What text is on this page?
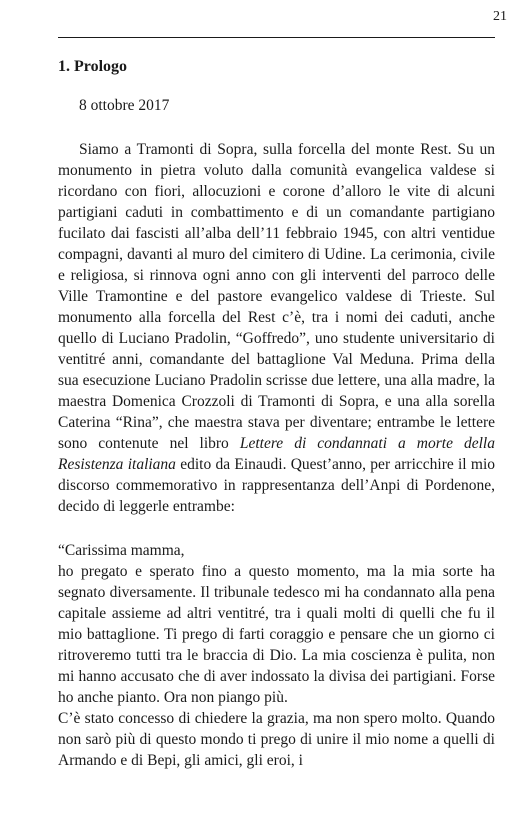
21
1. Prologo

8 ottobre 2017

Siamo a Tramonti di Sopra, sulla forcella del monte Rest. Su un monumento in pietra voluto dalla comunità evangelica valdese si ricordano con fiori, allocuzioni e corone d’alloro le vite di alcuni partigiani caduti in combattimento e di un comandante partigiano fucilato dai fascisti all’alba dell’11 febbraio 1945, con altri ventidue compagni, davanti al muro del cimitero di Udine. La cerimonia, civile e religiosa, si rinnova ogni anno con gli interventi del parroco delle Ville Tramontine e del pastore evangelico valdese di Trieste. Sul monumento alla forcella del Rest c’è, tra i nomi dei caduti, anche quello di Luciano Pradolin, “Goffredo”, uno studente universitario di ventitré anni, comandante del battaglione Val Meduna. Prima della sua esecuzione Luciano Pradolin scrisse due lettere, una alla madre, la maestra Domenica Crozzoli di Tramonti di Sopra, e una alla sorella Caterina “Rina”, che maestra stava per diventare; entrambe le lettere sono contenute nel libro Lettere di condannati a morte della Resistenza italiana edito da Einaudi. Quest’anno, per arricchire il mio discorso commemorativo in rappresentanza dell’Anpi di Pordenone, decido di leggerle entrambe:

“Carissima mamma,

ho pregato e sperato fino a questo momento, ma la mia sorte ha segnato diversamente. Il tribunale tedesco mi ha condannato alla pena capitale assieme ad altri ventitré, tra i quali molti di quelli che fu il mio battaglione. Ti prego di farti coraggio e pensare che un giorno ci ritroveremo tutti tra le braccia di Dio. La mia coscienza è pulita, non mi hanno accusato che di aver indossato la divisa dei partigiani. Forse ho anche pianto. Ora non piango più.

C’è stato concesso di chiedere la grazia, ma non spero molto. Quando non sarò più di questo mondo ti prego di unire il mio nome a quelli di Armando e di Bepi, gli amici, gli eroi, i
